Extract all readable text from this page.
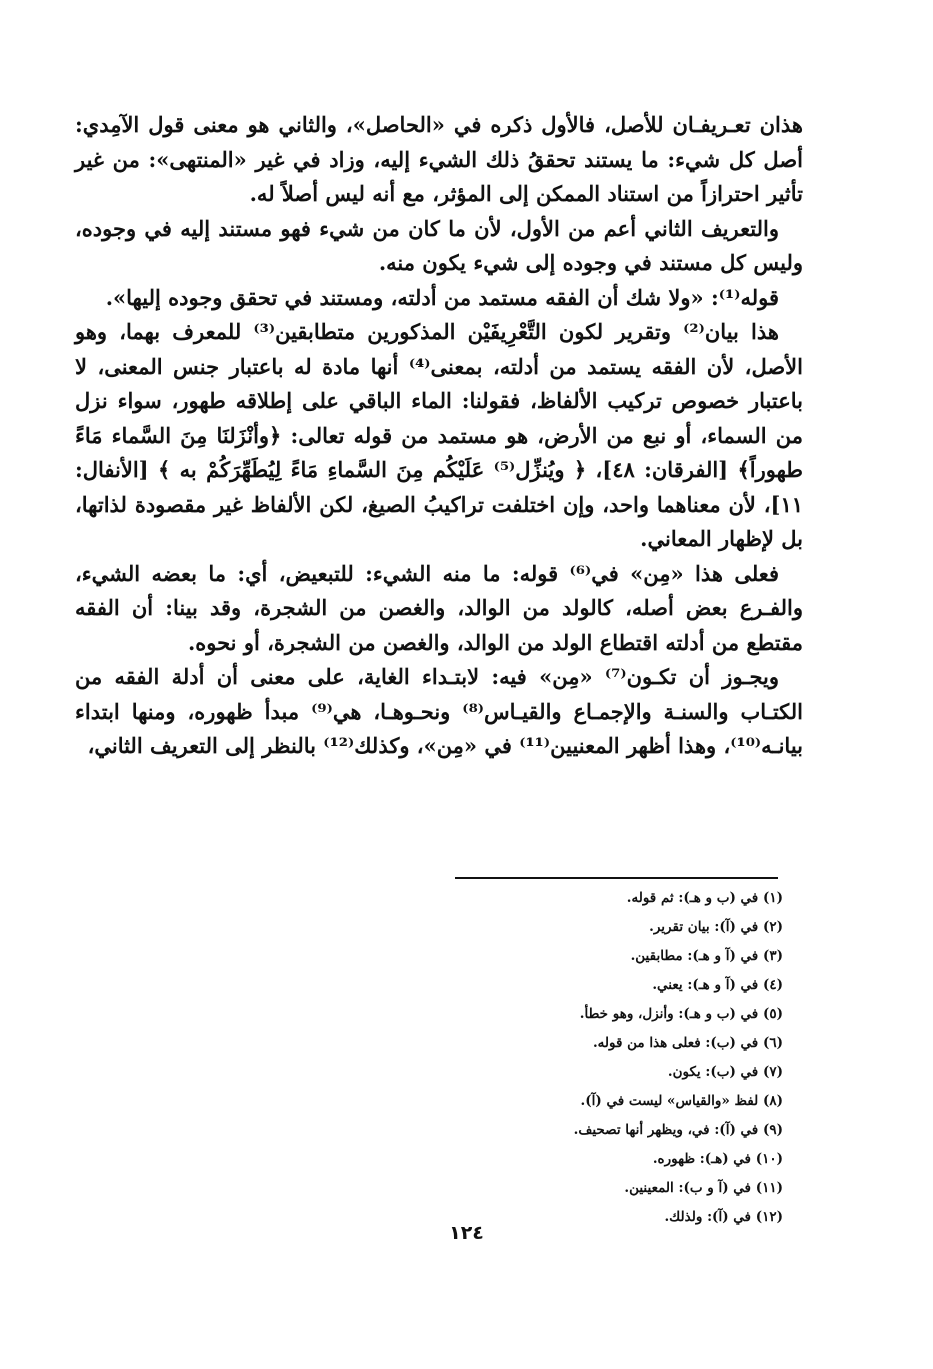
هذان تعـريفـان للأصل، فالأول ذكره في «الحاصل»، والثاني هو معنى قول الآمِدي: أصل كل شيء: ما يستند تحققُ ذلك الشيء إليه، وزاد في غير «المنتهى»: من غير تأثير احترازاً من استناد الممكن إلى المؤثر، مع أنه ليس أصلاً له.

والتعريف الثاني أعم من الأول، لأن ما كان من شيء فهو مستند إليه في وجوده، وليس كل مستند في وجوده إلى شيء يكون منه.

قوله⁽¹⁾: «ولا شك أن الفقه مستمد من أدلته، ومستند في تحقق وجوده إليها».

هذا بيان⁽²⁾ وتقرير لكون التَّعْرِيفَيْن المذكورين متطابقين⁽³⁾ للمعرف بهما، وهو الأصل، لأن الفقه يستمد من أدلته، بمعنى⁽⁴⁾ أنها مادة له باعتبار جنس المعنى، لا باعتبار خصوص تركيب الألفاظ، فقولنا: الماء الباقي على إطلاقه طهور، سواء نزل من السماء، أو نبع من الأرض، هو مستمد من قوله تعالى: ﴿وأنْزَلنَا مِنَ السَّماء مَاءً طهوراً﴾ [الفرقان: ٤٨]، ﴿ ويُنزِّل⁽⁵⁾ عَلَيْكُم مِنَ السَّماءِ مَاءً لِيُطَهِّرَكُمْ به ﴾ [الأنفال: ١١]، لأن معناهما واحد، وإن اختلفت تراكيبُ الصيغ، لكن الألفاظ غير مقصودة لذاتها، بل لإظهار المعاني.

فعلى هذا «مِن» في⁽⁶⁾ قوله: ما منه الشيء: للتبعيض، أي: ما بعضه الشيء، والفـرع بعض أصله، كالولد من الوالد، والغصن من الشجرة، وقد بينا: أن الفقه مقتطع من أدلته اقتطاع الولد من الوالد، والغصن من الشجرة، أو نحوه.

ويجـوز أن تكـون⁽⁷⁾ «مِن» فيه: لابتـداء الغاية، على معنى أن أدلة الفقه من الكتـاب والسنـة والإجمـاع والقيـاس⁽⁸⁾ ونحـوهـا، هي⁽⁹⁾ مبدأ ظهوره، ومنها ابتداء بيانـه⁽¹⁰⁾، وهذا أظهر المعنيين⁽¹¹⁾ في «مِن»، وكذلك⁽¹²⁾ بالنظر إلى التعريف الثاني،

(١) في (ب و هـ): ثم قوله.

(٢) في (آ): بيان تقرير.

(٣) في (آ و هـ): مطابقين.

(٤) في (آ و هـ): يعني.

(٥) في (ب و هـ): وأنزل، وهو خطأ.

(٦) في (ب): فعلى هذا من قوله.

(٧) في (ب): يكون.

(٨) لفظ «والقياس» ليست في (آ).

(٩) في (آ): في، ويظهر أنها تصحيف.

(١٠) في (هـ): ظهوره.

(١١) في (آ و ب): المعينين.

(١٢) في (آ): ولذلك.

١٢٤
